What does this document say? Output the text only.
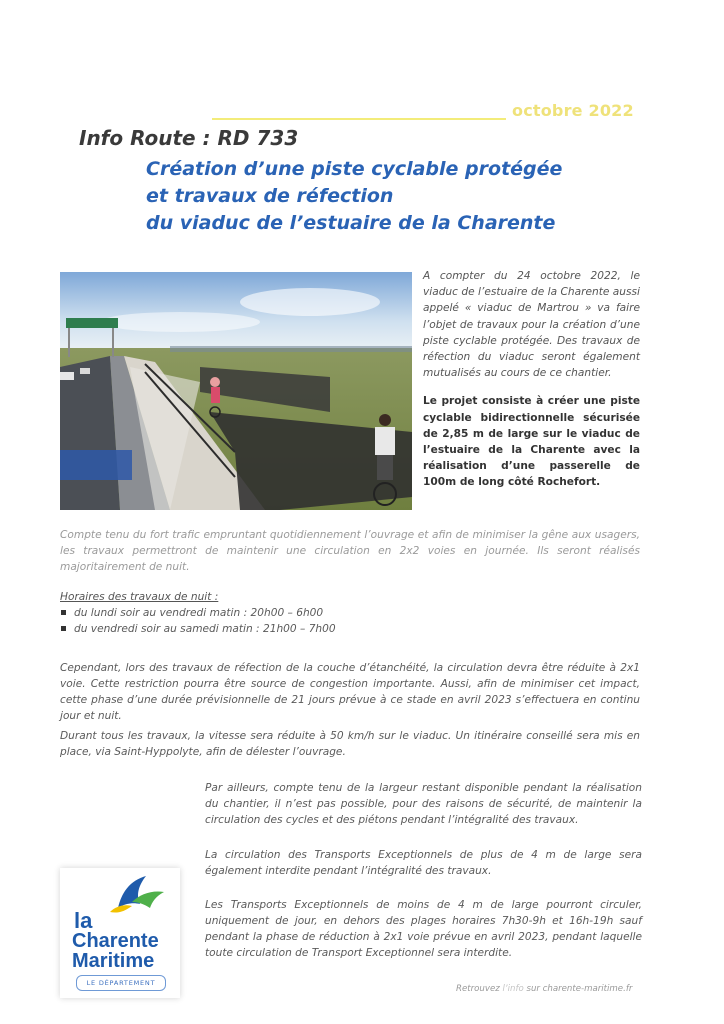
octobre 2022
Info Route : RD 733
Création d’une piste cyclable protégée
et travaux de réfection
du viaduc de l’estuaire de la Charente

A compter du 24 octobre 2022, le viaduc de l’estuaire de la Charente aussi appelé « viaduc de Martrou » va faire l’objet de travaux pour la création d’une piste cyclable protégée. Des travaux de réfection du viaduc seront également mutualisés au cours de ce chantier.

Le projet consiste à créer une piste cyclable bidirectionnelle sécurisée de 2,85 m de large sur le viaduc de l’estuaire de la Charente avec la réalisation d’une passerelle de 100m de long côté Rochefort.

Compte tenu du fort trafic empruntant quotidiennement l’ouvrage et afin de minimiser la gêne aux usagers, les travaux permettront de maintenir une circulation en 2x2 voies en journée. Ils seront réalisés majoritairement de nuit.
Horaires des travaux de nuit :
du lundi soir au vendredi matin : 20h00 – 6h00
du vendredi soir au samedi matin : 21h00 – 7h00
Cependant, lors des travaux de réfection de la couche d’étanchéité, la circulation devra être réduite à 2x1 voie. Cette restriction pourra être source de congestion importante. Aussi, afin de minimiser cet impact, cette phase d’une durée prévisionnelle de 21 jours prévue à ce stade en avril 2023 s’effectuera en continu jour et nuit.
Durant tous les travaux, la vitesse sera réduite à 50 km/h sur le viaduc. Un itinéraire conseillé sera mis en place, via Saint-Hyppolyte, afin de délester l’ouvrage.
Par ailleurs, compte tenu de la largeur restant disponible pendant la réalisation du chantier, il n’est pas possible, pour des raisons de sécurité, de maintenir la circulation des cycles et des piétons pendant l’intégralité des travaux.
La circulation des Transports Exceptionnels de plus de 4 m de large sera également interdite pendant l’intégralité des travaux.
Les Transports Exceptionnels de moins de 4 m de large pourront circuler, uniquement de jour, en dehors des plages horaires 7h30-9h et 16h-19h sauf pendant la phase de réduction à 2x1 voie prévue en avril 2023, pendant laquelle toute circulation de Transport Exceptionnel sera interdite.
la
Charente
Maritime
LE DÉPARTEMENT
Retrouvez l’info sur charente-maritime.fr
